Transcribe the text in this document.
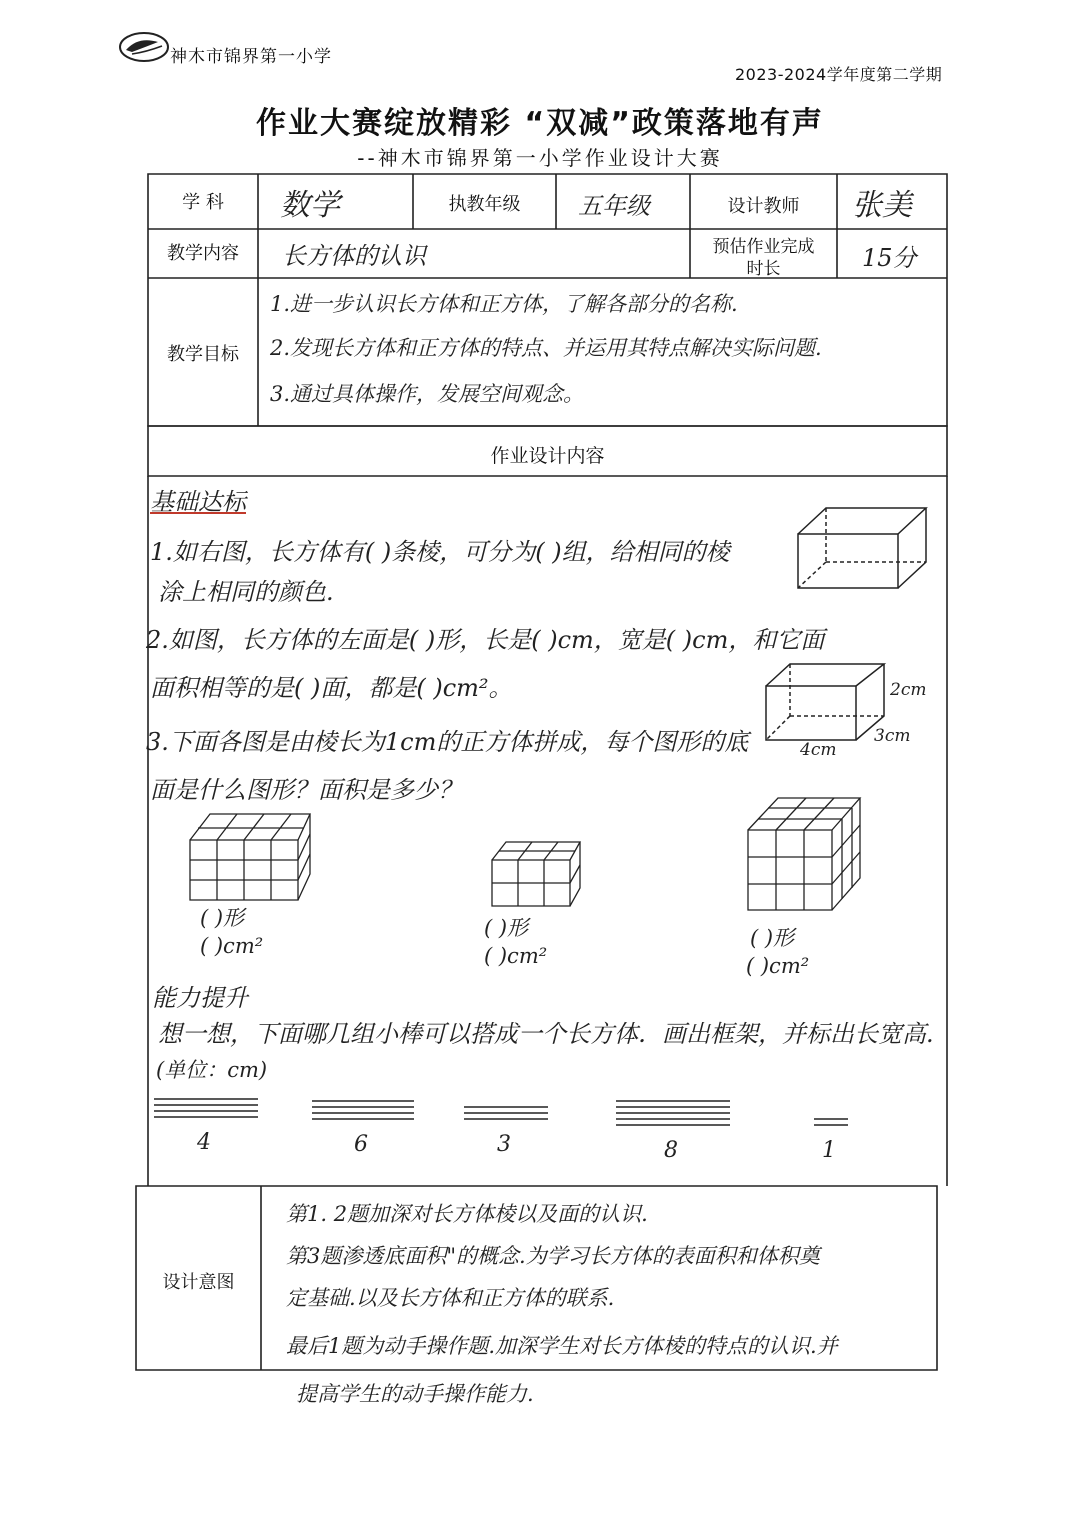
神木市锦界第一小学
2023-2024学年度第二学期
作业大赛绽放精彩 “双减”政策落地有声
--神木市锦界第一小学作业设计大赛
学 科	数学	执教年级	五年级	设计教师	张美
教学内容	长方体的认识	预估作业完成
时长	15分
教学目标
1.进一步认识长方体和正方体，了解各部分的名称.
2.发现长方体和正方体的特点、并运用其特点解决实际问题.
3.通过具体操作，发展空间观念。
作业设计内容
基础达标
1.如右图，长方体有( )条棱，可分为( )组，给相同的棱
涂上相同的颜色.
2.如图，长方体的左面是( )形，长是( )cm，宽是( )cm，和它面
面积相等的是( )面，都是( )cm²。	2cm
3cm
4cm
3.下面各图是由棱长为1cm的正方体拼成，每个图形的底
面是什么图形？面积是多少？
( )形
( )cm²
( )形
( )cm²
( )形
( )cm²
能力提升
想一想，下面哪几组小棒可以搭成一个长方体．画出框架，并标出长宽高.
(单位：cm)
4	6	3	8	1
设计意图
第1. 2题加深对长方体棱以及面的认识.
第3题渗透底面积"的概念.为学习长方体的表面积和体积奠
定基础.以及长方体和正方体的联系.
最后1题为动手操作题.加深学生对长方体棱的特点的认识.并
提高学生的动手操作能力.
